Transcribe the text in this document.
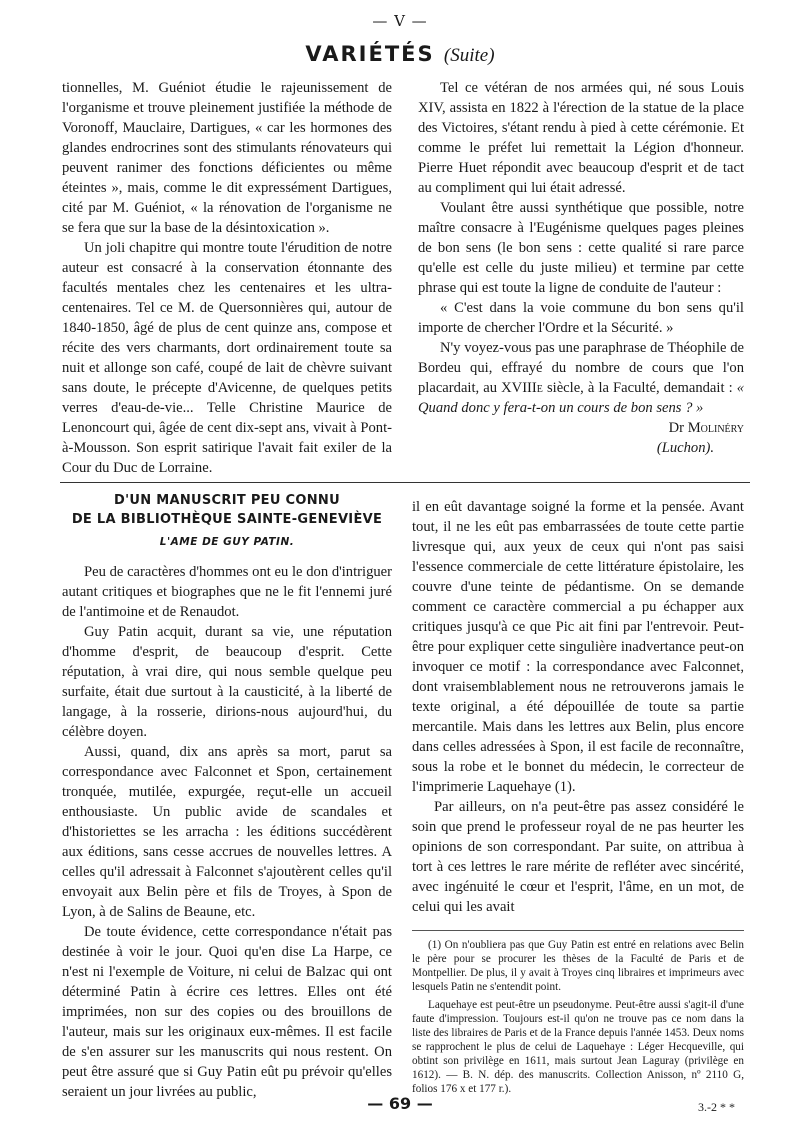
— V —
VARIÉTÉS (Suite)

tionnelles, M. Guéniot étudie le rajeunissement de l'organisme et trouve pleinement justifiée la méthode de Voronoff, Mauclaire, Dartigues, « car les hormones des glandes endrocrines sont des stimulants rénovateurs qui peuvent ranimer des fonctions déficientes ou même éteintes », mais, comme le dit expressément Dartigues, cité par M. Guéniot, « la rénovation de l'organisme ne se fera que sur la base de la désintoxication ».

Un joli chapitre qui montre toute l'érudition de notre auteur est consacré à la conservation étonnante des facultés mentales chez les centenaires et les ultra-centenaires. Tel ce M. de Quersonnières qui, autour de 1840-1850, âgé de plus de cent quinze ans, compose et récite des vers charmants, dort ordinairement toute sa nuit et allonge son café, coupé de lait de chèvre suivant sans doute, le précepte d'Avicenne, de quelques petits verres d'eau-de-vie... Telle Christine Maurice de Lenoncourt qui, âgée de cent dix-sept ans, vivait à Pont-à-Mousson. Son esprit satirique l'avait fait exiler de la Cour du Duc de Lorraine.

Tel ce vétéran de nos armées qui, né sous Louis XIV, assista en 1822 à l'érection de la statue de la place des Victoires, s'étant rendu à pied à cette cérémonie. Et comme le préfet lui remettait la Légion d'honneur. Pierre Huet répondit avec beaucoup d'esprit et de tact au compliment qui lui était adressé.

Voulant être aussi synthétique que possible, notre maître consacre à l'Eugénisme quelques pages pleines de bon sens (le bon sens : cette qualité si rare parce qu'elle est celle du juste milieu) et termine par cette phrase qui est toute la ligne de conduite de l'auteur :

« C'est dans la voie commune du bon sens qu'il importe de chercher l'Ordre et la Sécurité. »

N'y voyez-vous pas une paraphrase de Théophile de Bordeu qui, effrayé du nombre de cours que l'on placardait, au XVIIIe siècle, à la Faculté, demandait : « Quand donc y fera-t-on un cours de bon sens ? »

Dr Molinéry

(Luchon).

D'UN MANUSCRIT PEU CONNU
DE LA BIBLIOTHÈQUE SAINTE-GENEVIÈVE
L'AME DE GUY PATIN.

Peu de caractères d'hommes ont eu le don d'intriguer autant critiques et biographes que ne le fit l'ennemi juré de l'antimoine et de Renaudot.

Guy Patin acquit, durant sa vie, une réputation d'homme d'esprit, de beaucoup d'esprit. Cette réputation, à vrai dire, qui nous semble quelque peu surfaite, était due surtout à la causticité, à la liberté de langage, à la rosserie, dirions-nous aujourd'hui, du célèbre doyen.

Aussi, quand, dix ans après sa mort, parut sa correspondance avec Falconnet et Spon, certainement tronquée, mutilée, expurgée, reçut-elle un accueil enthousiaste. Un public avide de scandales et d'historiettes se les arracha : les éditions succédèrent aux éditions, sans cesse accrues de nouvelles lettres. A celles qu'il adressait à Falconnet s'ajoutèrent celles qu'il envoyait aux Belin père et fils de Troyes, à Spon de Lyon, à de Salins de Beaune, etc.

De toute évidence, cette correspondance n'était pas destinée à voir le jour. Quoi qu'en dise La Harpe, ce n'est ni l'exemple de Voiture, ni celui de Balzac qui ont déterminé Patin à écrire ces lettres. Elles ont été imprimées, non sur des copies ou des brouillons de l'auteur, mais sur les originaux eux-mêmes. Il est facile de s'en assurer sur les manuscrits qui nous restent. On peut être assuré que si Guy Patin eût pu prévoir qu'elles seraient un jour livrées au public,

il en eût davantage soigné la forme et la pensée. Avant tout, il ne les eût pas embarrassées de toute cette partie livresque qui, aux yeux de ceux qui n'ont pas saisi l'essence commerciale de cette littérature épistolaire, les couvre d'une teinte de pédantisme. On se demande comment ce caractère commercial a pu échapper aux critiques jusqu'à ce que Pic ait fini par l'entrevoir. Peut-être pour expliquer cette singulière inadvertance peut-on invoquer ce motif : la correspondance avec Falconnet, dont vraisemblablement nous ne retrouverons jamais le texte original, a été dépouillée de toute sa partie mercantile. Mais dans les lettres aux Belin, plus encore dans celles adressées à Spon, il est facile de reconnaître, sous la robe et le bonnet du médecin, le correcteur de l'imprimerie Laquehaye (1).

Par ailleurs, on n'a peut-être pas assez considéré le soin que prend le professeur royal de ne pas heurter les opinions de son correspondant. Par suite, on attribua à tort à ces lettres le rare mérite de refléter avec sincérité, avec ingénuité le cœur et l'esprit, l'âme, en un mot, de celui qui les avait

(1) On n'oubliera pas que Guy Patin est entré en relations avec Belin le père pour se procurer les thèses de la Faculté de Paris et de Montpellier. De plus, il y avait à Troyes cinq libraires et imprimeurs avec lesquels Patin ne s'entendit point.

Laquehaye est peut-être un pseudonyme. Peut-être aussi s'agit-il d'une faute d'impression. Toujours est-il qu'on ne trouve pas ce nom dans la liste des libraires de Paris et de la France depuis l'année 1453. Deux noms se rapprochent le plus de celui de Laquehaye : Léger Hecqueville, qui obtint son privilège en 1611, mais surtout Jean Laguray (privilège en 1612). — B. N. dép. des manuscrits. Collection Anisson, nº 2110 G, folios 176 x et 177 r.).

— 69 —	3.-2 * *
